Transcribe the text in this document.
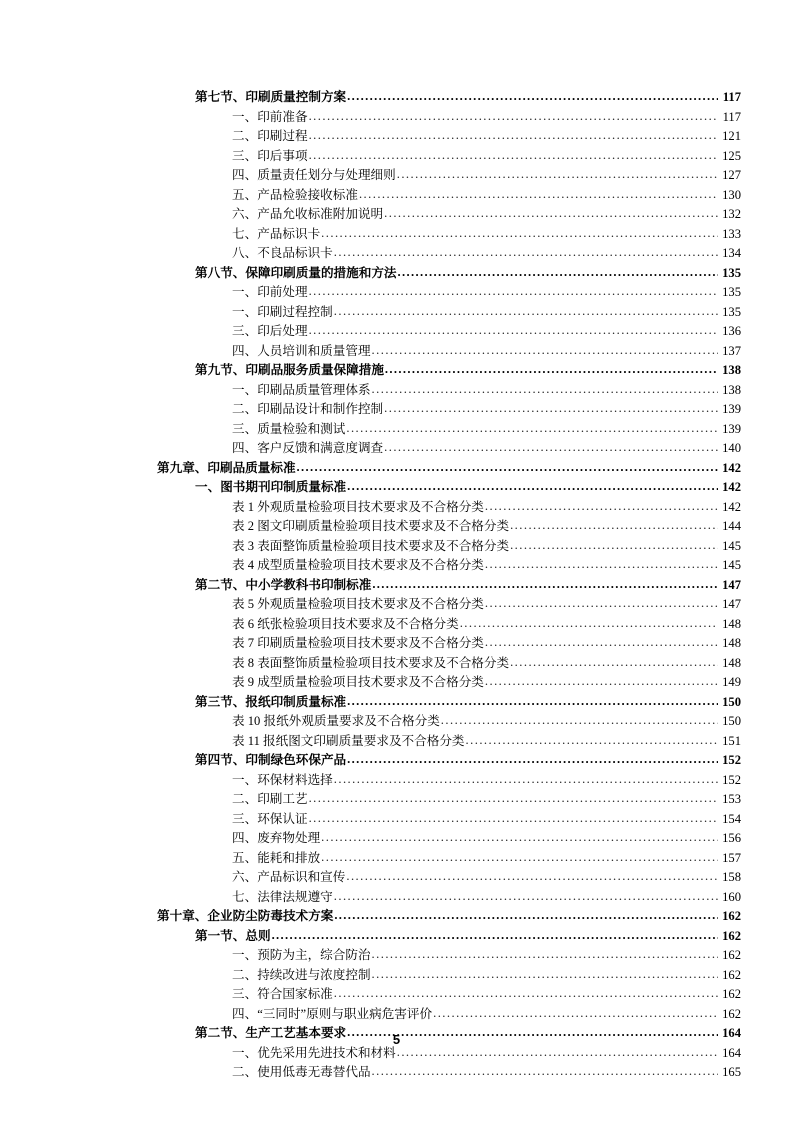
第七节、印刷质量控制方案 .....	117
一、印前准备 .....	117
二、印刷过程 .....	121
三、印后事项 .....	125
四、质量责任划分与处理细则 .....	127
五、产品检验接收标准 .....	130
六、产品允收标准附加说明 .....	132
七、产品标识卡 .....	133
八、不良品标识卡 .....	134
第八节、保障印刷质量的措施和方法 .....	135
一、印前处理 .....	135
一、印刷过程控制 .....	135
三、印后处理 .....	136
四、人员培训和质量管理 .....	137
第九节、印刷品服务质量保障措施 .....	138
一、印刷品质量管理体系 .....	138
二、印刷品设计和制作控制 .....	139
三、质量检验和测试 .....	139
四、客户反馈和满意度调查 .....	140
第九章、印刷品质量标准 .....	142
一、图书期刊印制质量标准 .....	142
表 1 外观质量检验项目技术要求及不合格分类 .....	142
表 2 图文印刷质量检验项目技术要求及不合格分类 .....	144
表 3 表面整饰质量检验项目技术要求及不合格分类 .....	145
表 4 成型质量检验项目技术要求及不合格分类 .....	145
第二节、中小学教科书印制标准 .....	147
表 5 外观质量检验项目技术要求及不合格分类 .....	147
表 6 纸张检验项目技术要求及不合格分类 .....	148
表 7 印刷质量检验项目技术要求及不合格分类 .....	148
表 8 表面整饰质量检验项目技术要求及不合格分类 .....	148
表 9 成型质量检验项目技术要求及不合格分类 .....	149
第三节、报纸印制质量标准 .....	150
表 10 报纸外观质量要求及不合格分类 .....	150
表 11 报纸图文印刷质量要求及不合格分类 .....	151
第四节、印制绿色环保产品 .....	152
一、环保材料选择 .....	152
二、印刷工艺 .....	153
三、环保认证 .....	154
四、废弃物处理 .....	156
五、能耗和排放 .....	157
六、产品标识和宣传 .....	158
七、法律法规遵守 .....	160
第十章、企业防尘防毒技术方案 .....	162
第一节、总则 .....	162
一、预防为主，综合防治 .....	162
二、持续改进与浓度控制 .....	162
三、符合国家标准 .....	162
四、“三同时”原则与职业病危害评价 .....	162
第二节、生产工艺基本要求 .....	164
一、优先采用先进技术和材料 .....	164
二、使用低毒无毒替代品 .....	165
5
